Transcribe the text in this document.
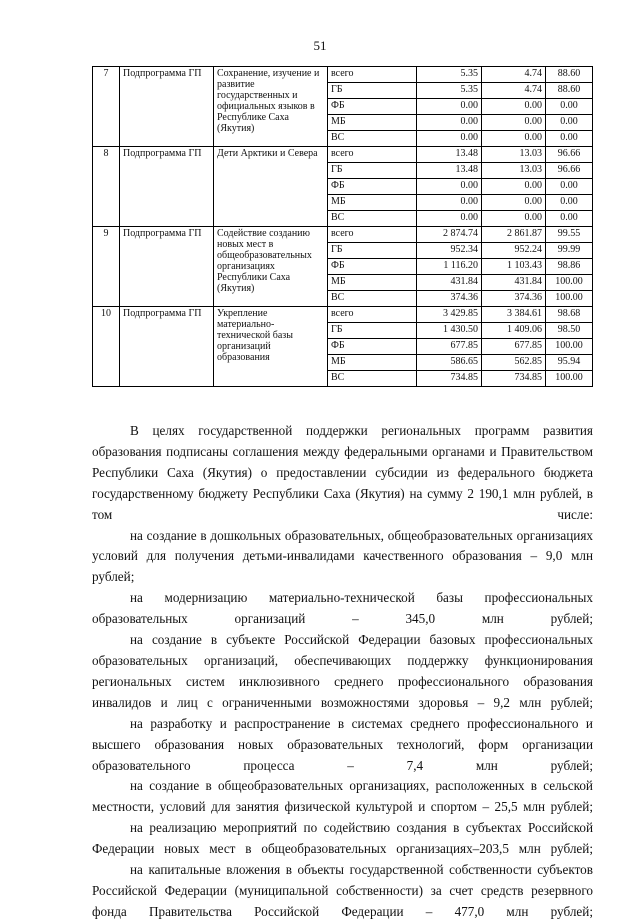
51
7	Подпрограмма ГП	Сохранение, изучение и развитие государственных и официальных языков в Республике Саха (Якутия)	всего	5.35	4.74	88.60
			ГБ	5.35	4.74	88.60
			ФБ	0.00	0.00	0.00
			МБ	0.00	0.00	0.00
			ВС	0.00	0.00	0.00
8	Подпрограмма ГП	Дети Арктики и Севера	всего	13.48	13.03	96.66
			ГБ	13.48	13.03	96.66
			ФБ	0.00	0.00	0.00
			МБ	0.00	0.00	0.00
			ВС	0.00	0.00	0.00
9	Подпрограмма ГП	Содействие созданию новых мест в общеобразовательных организациях Республики Саха (Якутия)	всего	2 874.74	2 861.87	99.55
			ГБ	952.34	952.24	99.99
			ФБ	1 116.20	1 103.43	98.86
			МБ	431.84	431.84	100.00
			ВС	374.36	374.36	100.00
10	Подпрограмма ГП	Укрепление материально-технической базы организаций образования	всего	3 429.85	3 384.61	98.68
			ГБ	1 430.50	1 409.06	98.50
			ФБ	677.85	677.85	100.00
			МБ	586.65	562.85	95.94
			ВС	734.85	734.85	100.00

В целях государственной поддержки региональных программ развития образования подписаны соглашения между федеральными органами и Правительством Республики Саха (Якутия) о предоставлении субсидии из федерального бюджета государственному бюджету Республики Саха (Якутия) на сумму 2 190,1 млн рублей, в том числе:

на создание в дошкольных образовательных, общеобразовательных организациях условий для получения детьми-инвалидами качественного образования – 9,0 млн рублей;

на модернизацию материально-технической базы профессиональных образовательных организаций – 345,0 млн рублей;

на создание в субъекте Российской Федерации базовых профессиональных образовательных организаций, обеспечивающих поддержку функционирования региональных систем инклюзивного среднего профессионального образования инвалидов и лиц с ограниченными возможностями здоровья – 9,2 млн рублей;

на разработку и распространение в системах среднего профессионального и высшего образования новых образовательных технологий, форм организации образовательного процесса – 7,4 млн рублей;

на создание в общеобразовательных организациях, расположенных в сельской местности, условий для занятия физической культурой и спортом – 25,5 млн рублей;

на реализацию мероприятий по содействию создания в субъектах Российской Федерации новых мест в общеобразовательных организациях–203,5 млн рублей;

на капитальные вложения в объекты государственной собственности субъектов Российской Федерации (муниципальной собственности) за счет средств резервного фонда Правительства Российской Федерации – 477,0 млн рублей;
